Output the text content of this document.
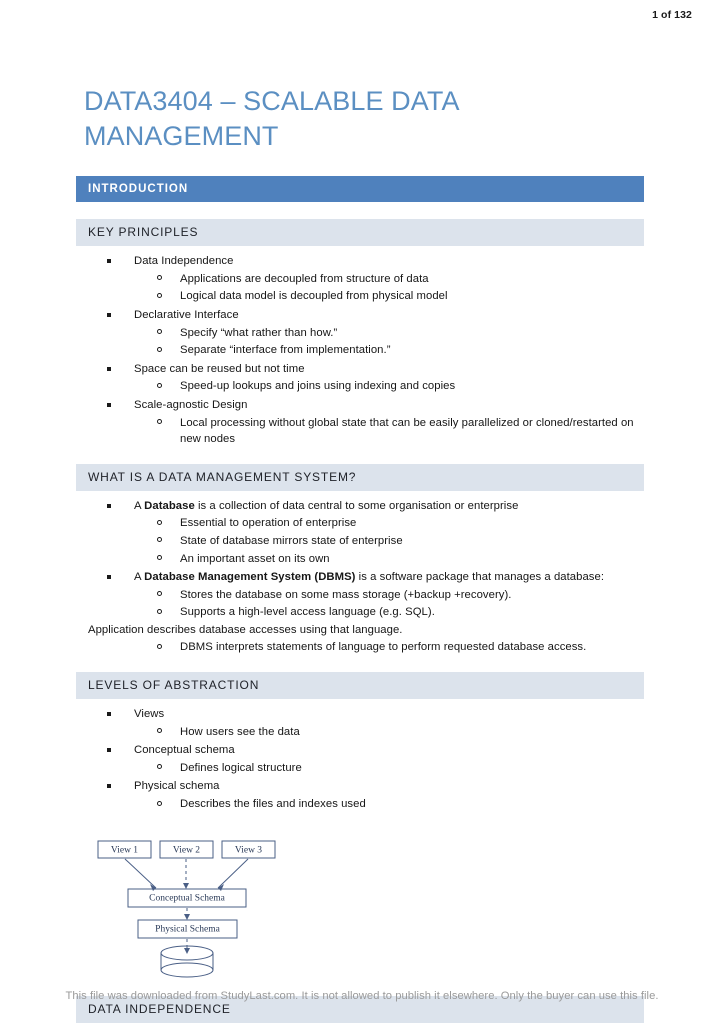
1 of 132
DATA3404 – SCALABLE DATA MANAGEMENT
INTRODUCTION
KEY PRINCIPLES
Data Independence
Applications are decoupled from structure of data
Logical data model is decoupled from physical model
Declarative Interface
Specify “what rather than how.”
Separate “interface from implementation.”
Space can be reused but not time
Speed-up lookups and joins using indexing and copies
Scale-agnostic Design
Local processing without global state that can be easily parallelized or cloned/restarted on new nodes
WHAT IS A DATA MANAGEMENT SYSTEM?
A Database is a collection of data central to some organisation or enterprise
Essential to operation of enterprise
State of database mirrors state of enterprise
An important asset on its own
A Database Management System (DBMS) is a software package that manages a database:
Stores the database on some mass storage (+backup +recovery).
Supports a high-level access language (e.g. SQL).
Application describes database accesses using that language.
DBMS interprets statements of language to perform requested database access.
LEVELS OF ABSTRACTION
Views
How users see the data
Conceptual schema
Defines logical structure
Physical schema
Describes the files and indexes used
View 1	View 2	View 3
Conceptual Schema
Physical Schema
DATA INDEPENDENCE
This file was downloaded from StudyLast.com. It is not allowed to publish it elsewhere. Only the buyer can use this file.
